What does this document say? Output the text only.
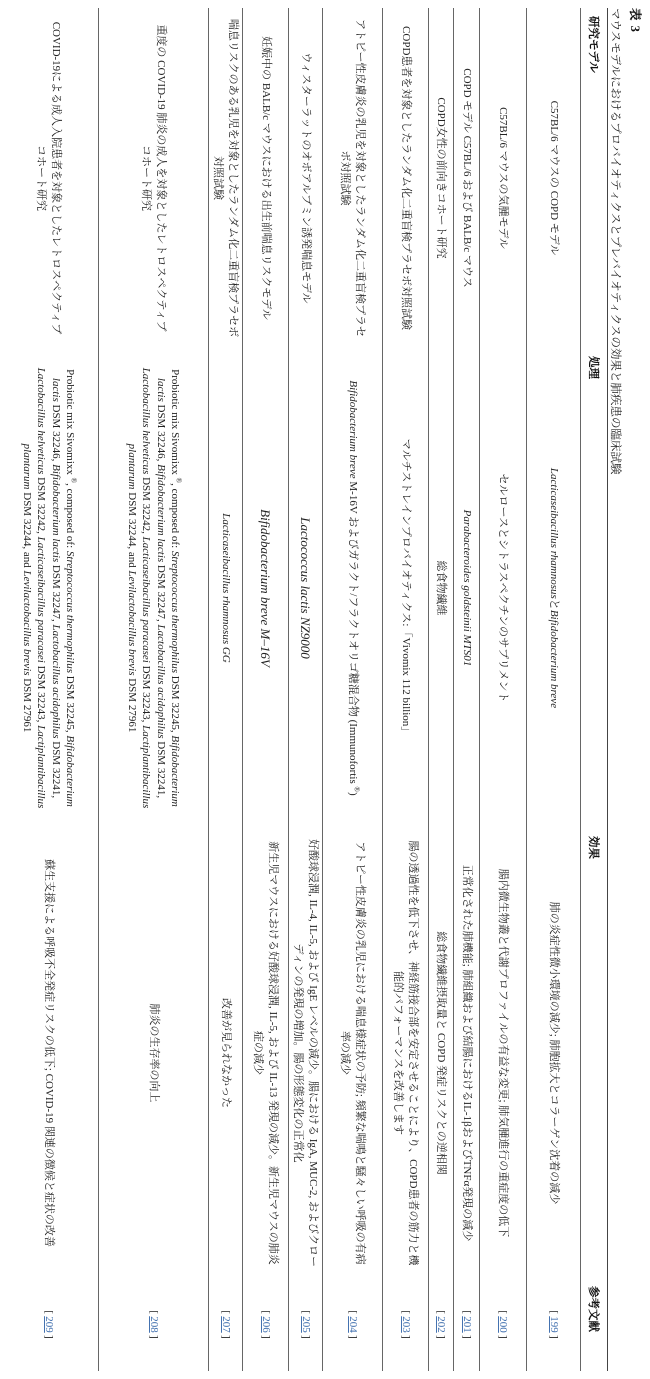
表 3
マウスモデルにおけるプロバイオティクスとプレバイオティクスの効果と肺疾患の臨床試験
研究モデル	処理	効果	参考文献
C57BL/6 マウスの COPD モデル	Lacticaseibacillus rhamnosusとBifidobacterium breve	肺の炎症性微小環境の減少; 肺胞拡大とコラーゲン沈着の減少	[ 199 ]
C57BL/6 マウスの気腫モデル	セルロースとシトラスペクチンのサプリメント	腸内微生物叢と代謝プロファイルの有益な変更; 肺気腫進行の重症度の低下	[ 200 ]
COPD モデル C57BL/6 および BALB/c マウス	Parabacteroides goldsteinii MTS01	正常化された肺機能; 肺組織および結腸におけるIL-1βおよびTNFα発現の減少	[ 201 ]
COPD女性の前向きコホート研究	総食物繊維	総食物繊維摂取量と COPD 発症リスクとの逆相関	[ 202 ]
COPD患者を対象としたランダム化二重盲検プラセボ対照試験	マルチストレインプロバイオティクス:「Vivomix 112 billion」	腸の透過性を低下させ、神経筋接合部を安定させることにより、COPD患者の筋力と機能的パフォーマンスを改善します	[ 203 ]
アトピー性皮膚炎の乳児を対象としたランダム化二重盲検プラセボ対照試験	Bifidobacterium breve M-16V およびガラクト/フラクトオリゴ糖混合物 (Immunofortis ®)	アトピー性皮膚炎の乳児における喘息様症状の予防; 頻繁な喘鳴と騒々しい呼吸の有病率の減少	[ 204 ]
ウィスターラットのオボアルブミン誘発喘息モデル	Lactococcus lactis NZ9000	好酸球浸潤, IL-4, IL-5, および IgE レベルの減少。腸における IgA, MUC-2, およびクローディンの発現の増加。腸の形態変化の正常化	[ 205 ]
妊娠中の BALB/c マウスにおける出生前喘息リスクモデル	Bifidobacterium breve M–16V	新生児マウスにおける好酸球浸潤, IL-5, および IL-13 発現の減少。新生児マウスの肺炎症の減少	[ 206 ]
喘息リスクのある乳児を対象としたランダム化二重盲検プラセボ対照試験	Lacticaseibacillus rhamnosus GG	改善が見られなかった	[ 207 ]
重度の COVID-19 肺炎の成人を対象としたレトロスペクティブ コホート研究	Probiotic mix Sivomixx ®, composed of: Streptococcus thermophilus DSM 32245, Bifidobacterium lactis DSM 32246, Bifidobacterium lactis DSM 32247, Lactobacillus acidophilus DSM 32241, Lactobacillus helveticus DSM 32242, Lacticaseibacillus paracasei DSM 32243, Lactiplantibacillus plantarum DSM 32244, and Levilactobacillus brevis DSM 27961	肺炎の生存率の向上	[ 208 ]
COVID-19による成人入院患者を対象としたレトロスペクティブ コホート研究	Probiotic mix Sivomixx ®, composed of: Streptococcus thermophilus DSM 32245, Bifidobacterium lactis DSM 32246, Bifidobacterium lactis DSM 32247, Lactobacillus acidophilus DSM 32241, Lactobacillus helveticus DSM 32242, Lacticaseibacillus paracasei DSM 32243, Lactiplantibacillus plantarum DSM 32244, and Levilactobacillus brevis DSM 27961	蘇生支援による呼吸不全発症リスクの低下; COVID-19 関連の徴候と症状の改善	[ 209 ]
